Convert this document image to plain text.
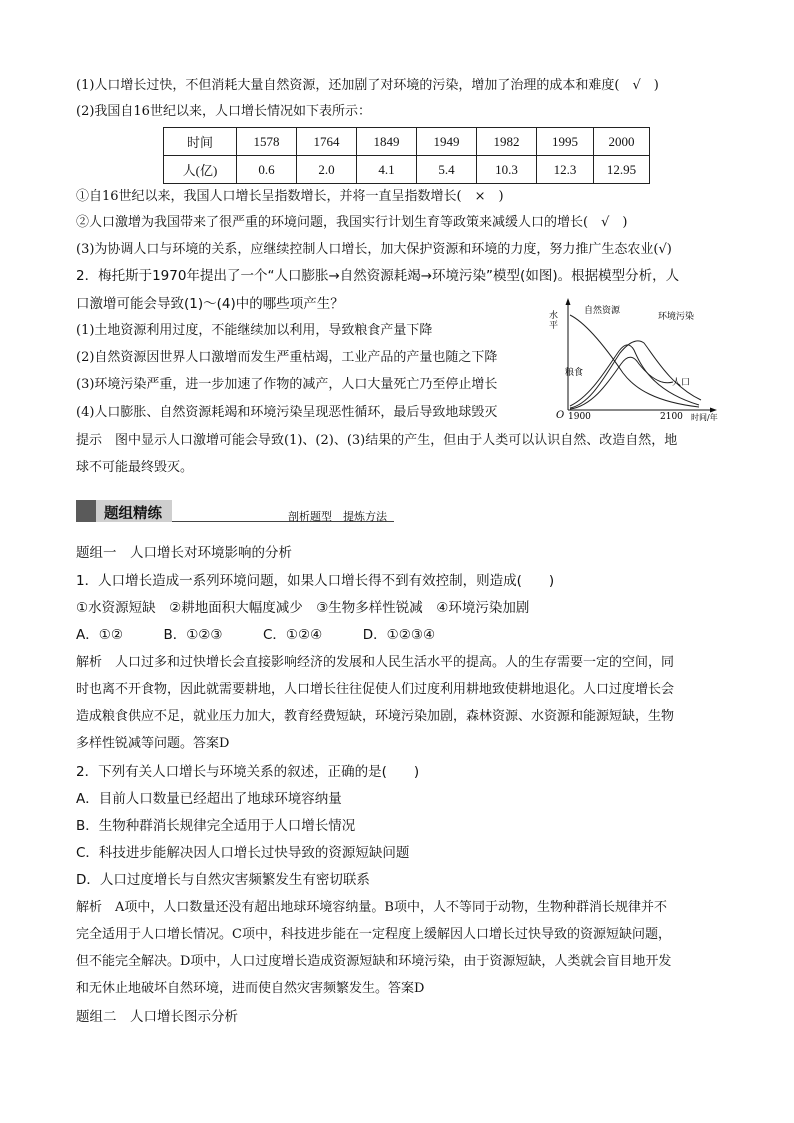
(1)人口增长过快，不但消耗大量自然资源，还加剧了对环境的污染，增加了治理的成本和难度(　√　)
(2)我国自16世纪以来，人口增长情况如下表所示：
时间	1578	1764	1849	1949	1982	1995	2000
人(亿)	0.6	2.0	4.1	5.4	10.3	12.3	12.95
①自16世纪以来，我国人口增长呈指数增长，并将一直呈指数增长(　×　)
②人口激增为我国带来了很严重的环境问题，我国实行计划生育等政策来减缓人口的增长(　√　)
(3)为协调人口与环境的关系，应继续控制人口增长，加大保护资源和环境的力度，努力推广生态农业(√)
2．梅托斯于1970年提出了一个“人口膨胀→自然资源耗竭→环境污染”模型(如图)。根据模型分析，人
口激增可能会导致(1)～(4)中的哪些项产生？
(1)土地资源利用过度，不能继续加以利用，导致粮食产量下降
(2)自然资源因世界人口激增而发生严重枯竭，工业产品的产量也随之下降
(3)环境污染严重，进一步加速了作物的减产，人口大量死亡乃至停止增长
(4)人口膨胀、自然资源耗竭和环境污染呈现恶性循环，最后导致地球毁灭
水
平
O 1900	2100 时间/年
自然资源
环境污染
粮食
人口
提示　图中显示人口激增可能会导致(1)、(2)、(3)结果的产生，但由于人类可以认识自然、改造自然，地
球不可能最终毁灭。
题组精练	剖析题型　提炼方法
题组一　人口增长对环境影响的分析
1．人口增长造成一系列环境问题，如果人口增长得不到有效控制，则造成(　　)
①水资源短缺　②耕地面积大幅度减少　③生物多样性锐减　④环境污染加剧
A．①②　　　B．①②③　　　C．①②④　　　D．①②③④
解析　人口过多和过快增长会直接影响经济的发展和人民生活水平的提高。人的生存需要一定的空间，同
时也离不开食物，因此就需要耕地，人口增长往往促使人们过度利用耕地致使耕地退化。人口过度增长会
造成粮食供应不足，就业压力加大，教育经费短缺，环境污染加剧，森林资源、水资源和能源短缺，生物
多样性锐减等问题。答案D
2．下列有关人口增长与环境关系的叙述，正确的是(　　)
A．目前人口数量已经超出了地球环境容纳量
B．生物种群消长规律完全适用于人口增长情况
C．科技进步能解决因人口增长过快导致的资源短缺问题
D．人口过度增长与自然灾害频繁发生有密切联系
解析　A项中，人口数量还没有超出地球环境容纳量。B项中，人不等同于动物，生物种群消长规律并不
完全适用于人口增长情况。C项中，科技进步能在一定程度上缓解因人口增长过快导致的资源短缺问题，
但不能完全解决。D项中，人口过度增长造成资源短缺和环境污染，由于资源短缺，人类就会盲目地开发
和无休止地破坏自然环境，进而使自然灾害频繁发生。答案D
题组二　人口增长图示分析
